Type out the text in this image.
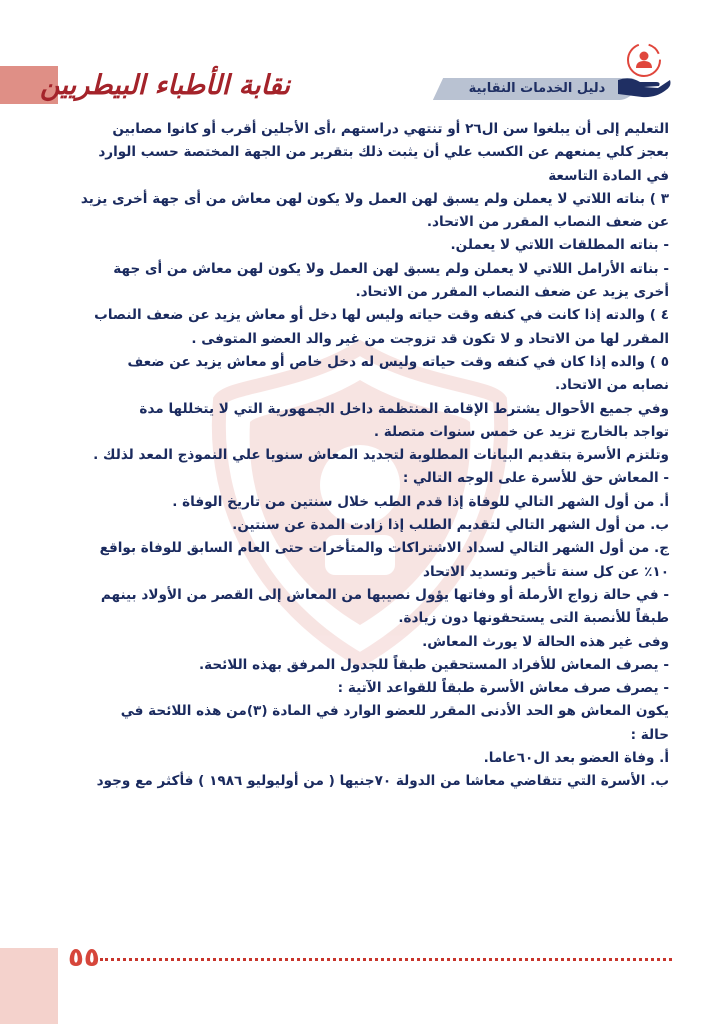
نقابة الأطباء البيطريين	دليل الخدمات النقابية

التعليم إلى أن يبلغوا سن ال٢٦ أو تنتهي دراستهم ،أى الأجلين أقرب أو كانوا مصابين

بعجز كلي يمنعهم عن الكسب علي أن يثبت ذلك بتقرير من الجهة المختصة حسب الوارد

في المادة التاسعة

٣ ) بناته اللاتي لا يعملن ولم يسبق لهن العمل ولا يكون لهن معاش من أى جهة أخرى يزيد

عن ضعف النصاب المقرر من الاتحاد.

- بناته المطلقات اللاتي لا يعملن.

- بناته الأرامل اللاتي لا يعملن ولم يسبق لهن العمل ولا يكون لهن معاش من أى جهة

أخرى يزيد عن ضعف النصاب المقرر من الاتحاد.

٤ ) والدته إذا كانت في كنفه وقت حياته وليس لها دخل أو معاش يزيد عن ضعف النصاب

المقرر لها من الاتحاد و لا تكون قد تزوجت من غير والد العضو المتوفى .

٥ ) والده إذا كان في كنفه وقت حياته وليس له دخل خاص أو معاش يزيد عن ضعف

نصابه من الاتحاد.

وفي جميع الأحوال يشترط الإقامة المنتظمة داخل الجمهورية التي لا يتخللها مدة

تواجد بالخارج تزيد عن خمس سنوات متصلة .

وتلتزم الأسرة بتقديم البيانات المطلوبة لتجديد المعاش سنويا علي النموذج المعد لذلك .

- المعاش حق للأسرة على الوجه التالي :

أ. من أول الشهر التالي للوفاة إذا قدم الطب خلال سنتين من تاريخ الوفاة .

ب. من أول الشهر التالي لتقديم الطلب إذا زادت المدة عن سنتين.

ج. من أول الشهر التالي لسداد الاشتراكات والمتأخرات حتى العام السابق للوفاة بواقع

١٠٪ عن كل سنة تأخير وتسديد الاتحاد

- في حالة زواج الأرملة أو وفاتها يؤول نصيبها من المعاش إلى القصر من الأولاد بينهم

طبقاً للأنصبة التى يستحقونها دون زيادة.

وفى غير هذه الحالة لا يورث المعاش.

- يصرف المعاش للأفراد المستحقين طبقاً للجدول المرفق بهذه اللائحة.

- يصرف صرف معاش الأسرة طبقاً للقواعد الآتية :

يكون المعاش هو الحد الأدنى المقرر للعضو الوارد في المادة (٣)من هذه اللائحة في

حالة :

أ. وفاة العضو بعد ال٦٠عاما.

ب. الأسرة التي تتقاضي معاشا من الدولة ٧٠جنيها ( من أوليوليو ١٩٨٦ ) فأكثر مع وجود

٥٥
